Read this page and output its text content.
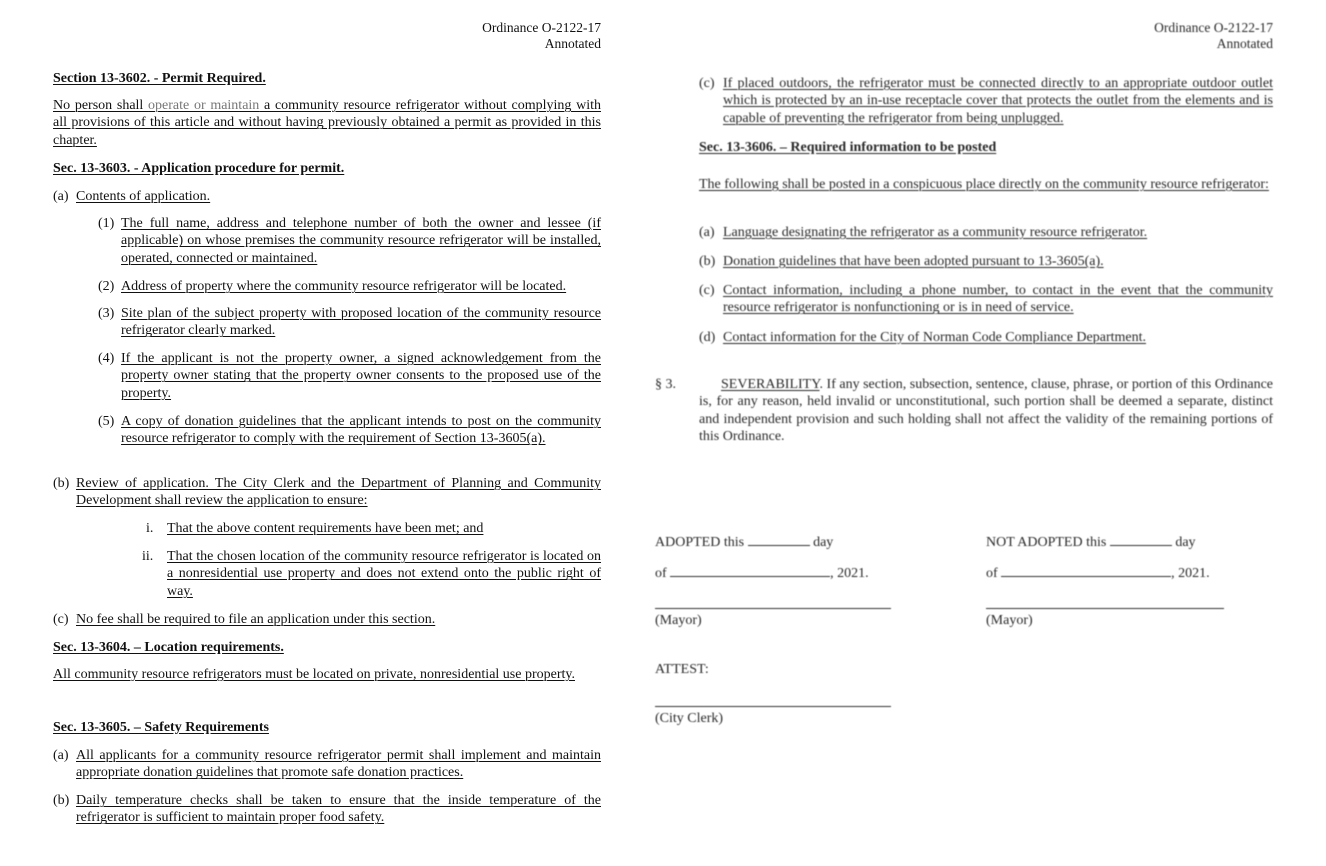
Ordinance O-2122-17
Annotated
Section 13-3602. - Permit Required.
No person shall operate or maintain a community resource refrigerator without complying with all provisions of this article and without having previously obtained a permit as provided in this chapter.
Sec. 13-3603. - Application procedure for permit.
(a) Contents of application.
(1) The full name, address and telephone number of both the owner and lessee (if applicable) on whose premises the community resource refrigerator will be installed, operated, connected or maintained.
(2) Address of property where the community resource refrigerator will be located.
(3) Site plan of the subject property with proposed location of the community resource refrigerator clearly marked.
(4) If the applicant is not the property owner, a signed acknowledgement from the property owner stating that the property owner consents to the proposed use of the property.
(5) A copy of donation guidelines that the applicant intends to post on the community resource refrigerator to comply with the requirement of Section 13-3605(a).
(b) Review of application. The City Clerk and the Department of Planning and Community Development shall review the application to ensure:
i. That the above content requirements have been met; and
ii. That the chosen location of the community resource refrigerator is located on a nonresidential use property and does not extend onto the public right of way.
(c) No fee shall be required to file an application under this section.
Sec. 13-3604. – Location requirements.
All community resource refrigerators must be located on private, nonresidential use property.
Sec. 13-3605. – Safety Requirements
(a) All applicants for a community resource refrigerator permit shall implement and maintain appropriate donation guidelines that promote safe donation practices.
(b) Daily temperature checks shall be taken to ensure that the inside temperature of the refrigerator is sufficient to maintain proper food safety.
Ordinance O-2122-17
Annotated
(c) If placed outdoors, the refrigerator must be connected directly to an appropriate outdoor outlet which is protected by an in-use receptacle cover that protects the outlet from the elements and is capable of preventing the refrigerator from being unplugged.
Sec. 13-3606. – Required information to be posted
The following shall be posted in a conspicuous place directly on the community resource refrigerator:
(a) Language designating the refrigerator as a community resource refrigerator.
(b) Donation guidelines that have been adopted pursuant to 13-3605(a).
(c) Contact information, including a phone number, to contact in the event that the community resource refrigerator is nonfunctioning or is in need of service.
(d) Contact information for the City of Norman Code Compliance Department.
§ 3.	SEVERABILITY. If any section, subsection, sentence, clause, phrase, or portion of this Ordinance is, for any reason, held invalid or unconstitutional, such portion shall be deemed a separate, distinct and independent provision and such holding shall not affect the validity of the remaining portions of this Ordinance.
ADOPTED this	day
of	, 2021.
(Mayor)
ATTEST:
(City Clerk)
NOT ADOPTED this	day
of	, 2021.
(Mayor)
